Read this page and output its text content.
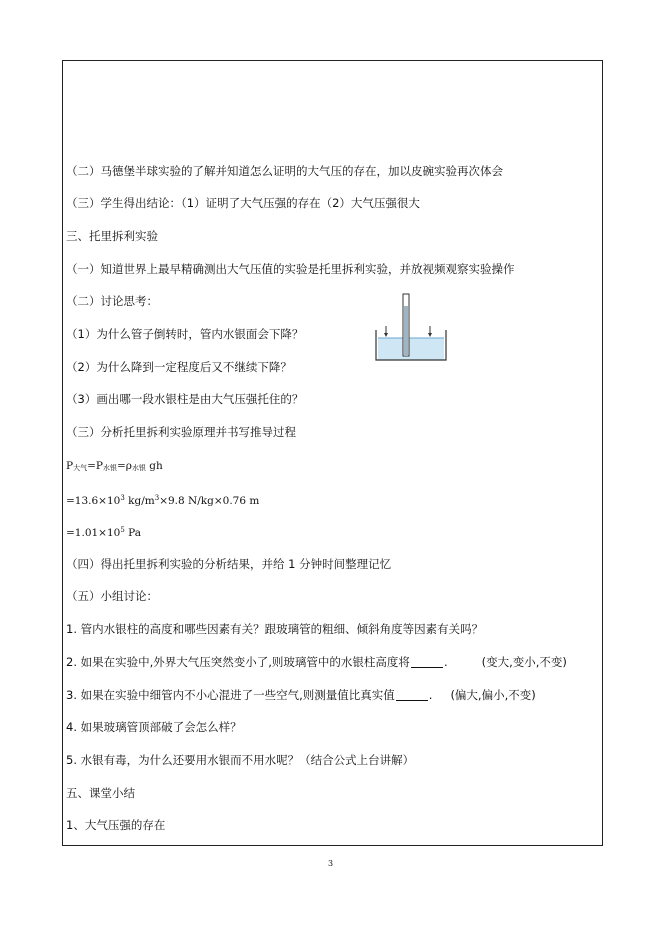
（二）马德堡半球实验的了解并知道怎么证明的大气压的存在，加以皮碗实验再次体会
（三）学生得出结论：（1）证明了大气压强的存在（2）大气压强很大
三、托里拆利实验
（一）知道世界上最早精确测出大气压值的实验是托里拆利实验，并放视频观察实验操作
（二）讨论思考：
（1）为什么管子倒转时，管内水银面会下降？
（2）为什么降到一定程度后又不继续下降？
（3）画出哪一段水银柱是由大气压强托住的？
（三）分析托里拆利实验原理并书写推导过程
P大气=P水银=ρ水银 gh
$=13.6\times 10^3$ $kg/m^3\times 9.8$ N/kg×0.76 m
$=1.01\times 10^5$ Pa
（四）得出托里拆利实验的分析结果，并给 1 分钟时间整理记忆
（五）小组讨论：
1. 管内水银柱的高度和哪些因素有关？跟玻璃管的粗细、倾斜角度等因素有关吗？
2. 如果在实验中,外界大气压突然变小了,则玻璃管中的水银柱高度将	.	(变大,变小,不变)
3. 如果在实验中细管内不小心混进了一些空气,则测量值比真实值	. (偏大,偏小,不变)
4. 如果玻璃管顶部破了会怎么样？
5. 水银有毒，为什么还要用水银而不用水呢？（结合公式上台讲解）
五、课堂小结
1、大气压强的存在
3
